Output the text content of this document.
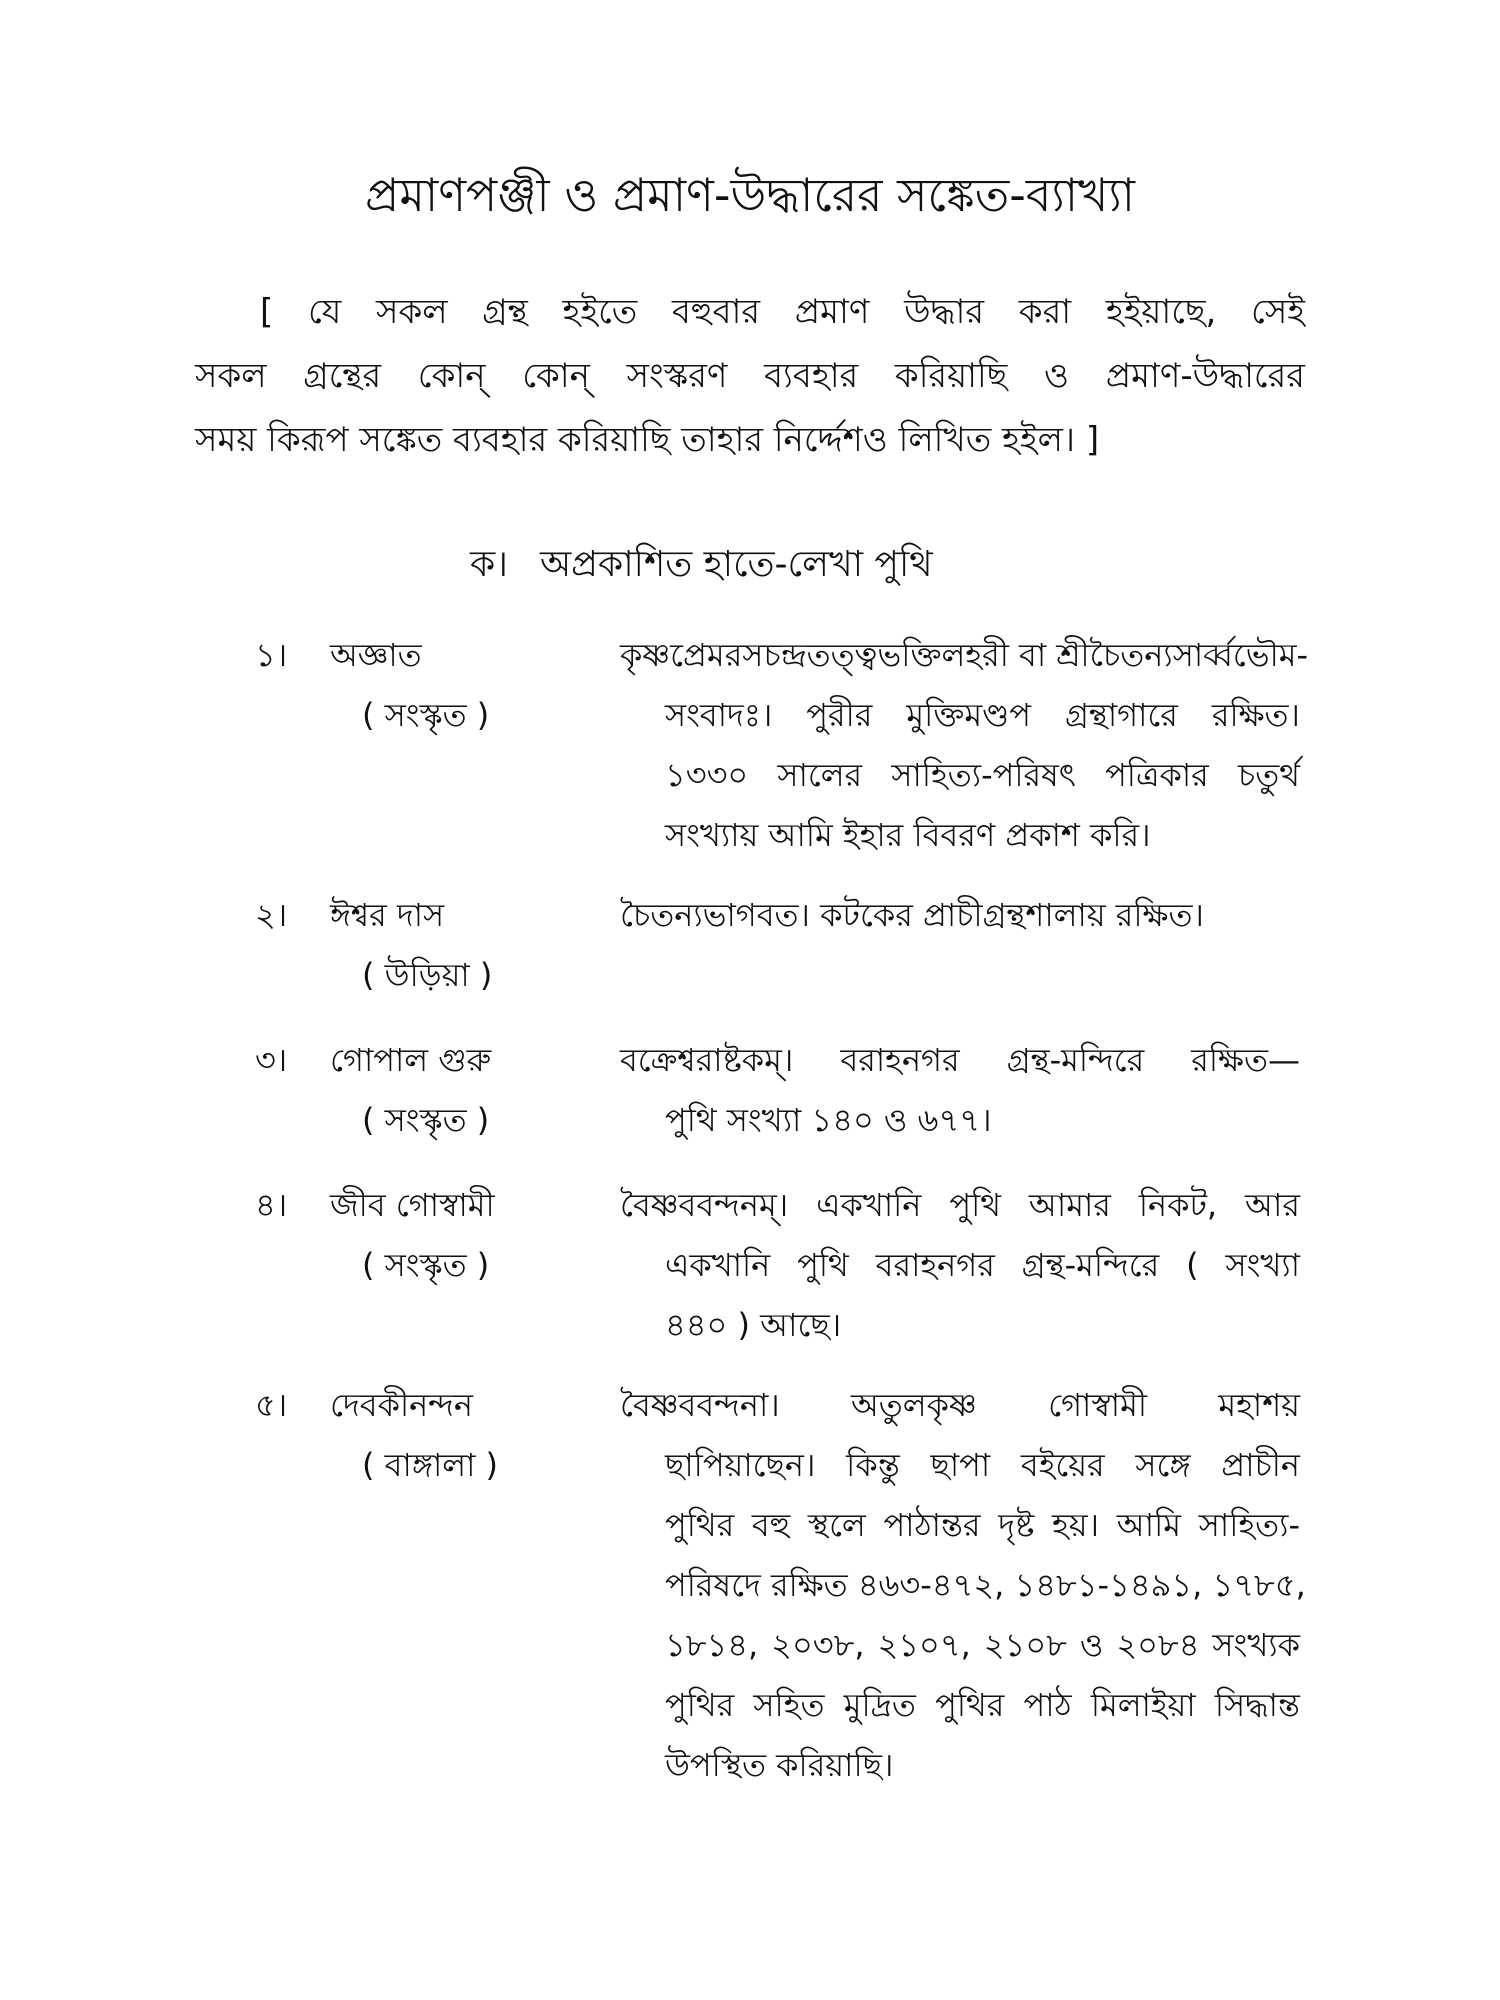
প্রমাণপঞ্জী ও প্রমাণ-উদ্ধারের সঙ্কেত-ব্যাখ্যা
[ যে সকল গ্রন্থ হইতে বহুবার প্রমাণ উদ্ধার করা হইয়াছে, সেই
সকল গ্রন্থের কোন্ কোন্ সংস্করণ ব্যবহার করিয়াছি ও প্রমাণ-উদ্ধারের
সময় কিরূপ সঙ্কেত ব্যবহার করিয়াছি তাহার নির্দ্দেশও লিখিত হইল। ]
ক। অপ্রকাশিত হাতে-লেখা পুথি
১। অজ্ঞাত
( সংস্কৃত )
কৃষ্ণপ্রেমরসচন্দ্রতত্ত্বভক্তিলহরী বা শ্রীচৈতন্যসার্ব্বভৌম-
সংবাদঃ। পুরীর মুক্তিমণ্ডপ গ্রন্থাগারে রক্ষিত।
১৩৩০ সালের সাহিত্য-পরিষৎ পত্রিকার চতুর্থ
সংখ্যায় আমি ইহার বিবরণ প্রকাশ করি।
২। ঈশ্বর দাস
( উড়িয়া )
চৈতন্যভাগবত। কটকের প্রাচীগ্রন্থশালায় রক্ষিত।
৩। গোপাল গুরু
( সংস্কৃত )
বক্রেশ্বরাষ্টকম্। বরাহনগর গ্রন্থ-মন্দিরে রক্ষিত—
পুথি সংখ্যা ১৪০ ও ৬৭৭।
৪। জীব গোস্বামী
( সংস্কৃত )
বৈষ্ণববন্দনম্। একখানি পুথি আমার নিকট, আর
একখানি পুথি বরাহনগর গ্রন্থ-মন্দিরে ( সংখ্যা
৪৪০ ) আছে।
৫। দেবকীনন্দন
( বাঙ্গালা )
বৈষ্ণববন্দনা। অতুলকৃষ্ণ গোস্বামী মহাশয়
ছাপিয়াছেন। কিন্তু ছাপা বইয়ের সঙ্গে প্রাচীন
পুথির বহু স্থলে পাঠান্তর দৃষ্ট হয়। আমি সাহিত্য-
পরিষদে রক্ষিত ৪৬৩-৪৭২, ১৪৮১-১৪৯১, ১৭৮৫,
১৮১৪, ২০৩৮, ২১০৭, ২১০৮ ও ২০৮৪ সংখ্যক
পুথির সহিত মুদ্রিত পুথির পাঠ মিলাইয়া সিদ্ধান্ত
উপস্থিত করিয়াছি।
